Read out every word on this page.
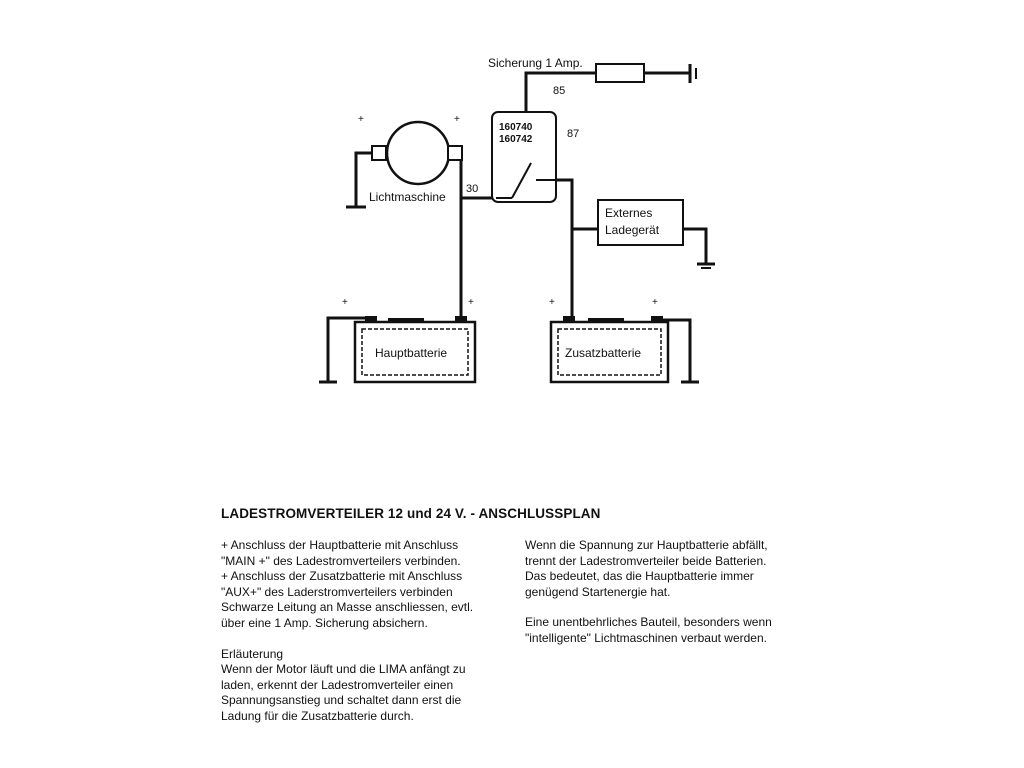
Sicherung 1 Amp.
85
160740
160742	87
30
+	+
Lichtmaschine
Externes
Ladegerät
+	+
Hauptbatterie
+	+
Zusatzbatterie
LADESTROMVERTEILER 12 und 24 V. - ANSCHLUSSPLAN

+ Anschluss der Hauptbatterie mit Anschluss

"MAIN +" des Ladestromverteilers verbinden.

+ Anschluss der Zusatzbatterie mit Anschluss

"AUX+" des Laderstromverteilers verbinden

Schwarze Leitung an Masse anschliessen, evtl.

über eine 1 Amp. Sicherung absichern.

Erläuterung

Wenn der Motor läuft und die LIMA anfängt zu

laden, erkennt der Ladestromverteiler einen

Spannungsanstieg und schaltet dann erst die

Ladung für die Zusatzbatterie durch.

Wenn die Spannung zur Hauptbatterie abfällt,

trennt der Ladestromverteiler beide Batterien.

Das bedeutet, das die Hauptbatterie immer

genügend Startenergie hat.

Eine unentbehrliches Bauteil, besonders wenn

"intelligente" Lichtmaschinen verbaut werden.
